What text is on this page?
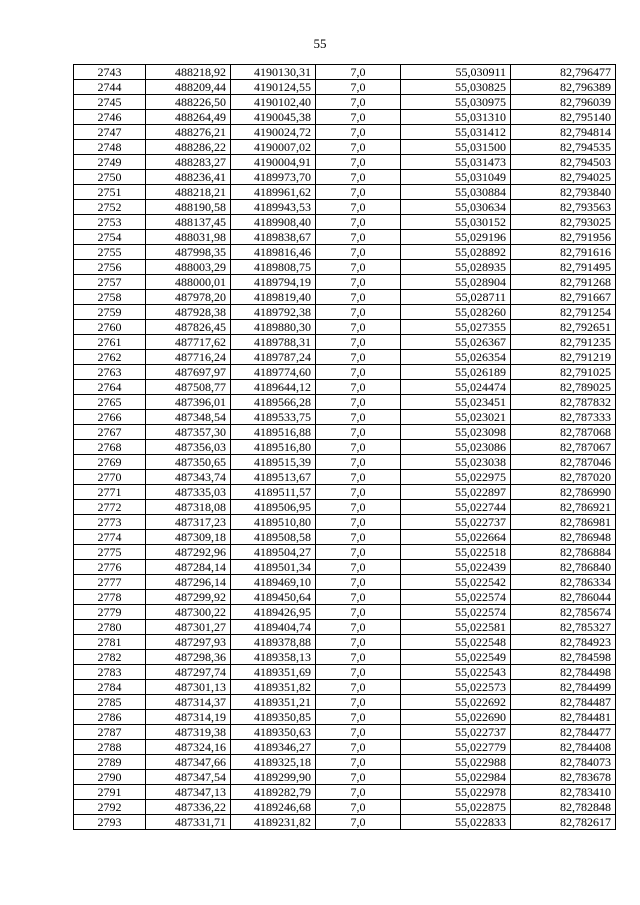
55
2743	488218,92	4190130,31	7,0	55,030911	82,796477
2744	488209,44	4190124,55	7,0	55,030825	82,796389
2745	488226,50	4190102,40	7,0	55,030975	82,796039
2746	488264,49	4190045,38	7,0	55,031310	82,795140
2747	488276,21	4190024,72	7,0	55,031412	82,794814
2748	488286,22	4190007,02	7,0	55,031500	82,794535
2749	488283,27	4190004,91	7,0	55,031473	82,794503
2750	488236,41	4189973,70	7,0	55,031049	82,794025
2751	488218,21	4189961,62	7,0	55,030884	82,793840
2752	488190,58	4189943,53	7,0	55,030634	82,793563
2753	488137,45	4189908,40	7,0	55,030152	82,793025
2754	488031,98	4189838,67	7,0	55,029196	82,791956
2755	487998,35	4189816,46	7,0	55,028892	82,791616
2756	488003,29	4189808,75	7,0	55,028935	82,791495
2757	488000,01	4189794,19	7,0	55,028904	82,791268
2758	487978,20	4189819,40	7,0	55,028711	82,791667
2759	487928,38	4189792,38	7,0	55,028260	82,791254
2760	487826,45	4189880,30	7,0	55,027355	82,792651
2761	487717,62	4189788,31	7,0	55,026367	82,791235
2762	487716,24	4189787,24	7,0	55,026354	82,791219
2763	487697,97	4189774,60	7,0	55,026189	82,791025
2764	487508,77	4189644,12	7,0	55,024474	82,789025
2765	487396,01	4189566,28	7,0	55,023451	82,787832
2766	487348,54	4189533,75	7,0	55,023021	82,787333
2767	487357,30	4189516,88	7,0	55,023098	82,787068
2768	487356,03	4189516,80	7,0	55,023086	82,787067
2769	487350,65	4189515,39	7,0	55,023038	82,787046
2770	487343,74	4189513,67	7,0	55,022975	82,787020
2771	487335,03	4189511,57	7,0	55,022897	82,786990
2772	487318,08	4189506,95	7,0	55,022744	82,786921
2773	487317,23	4189510,80	7,0	55,022737	82,786981
2774	487309,18	4189508,58	7,0	55,022664	82,786948
2775	487292,96	4189504,27	7,0	55,022518	82,786884
2776	487284,14	4189501,34	7,0	55,022439	82,786840
2777	487296,14	4189469,10	7,0	55,022542	82,786334
2778	487299,92	4189450,64	7,0	55,022574	82,786044
2779	487300,22	4189426,95	7,0	55,022574	82,785674
2780	487301,27	4189404,74	7,0	55,022581	82,785327
2781	487297,93	4189378,88	7,0	55,022548	82,784923
2782	487298,36	4189358,13	7,0	55,022549	82,784598
2783	487297,74	4189351,69	7,0	55,022543	82,784498
2784	487301,13	4189351,82	7,0	55,022573	82,784499
2785	487314,37	4189351,21	7,0	55,022692	82,784487
2786	487314,19	4189350,85	7,0	55,022690	82,784481
2787	487319,38	4189350,63	7,0	55,022737	82,784477
2788	487324,16	4189346,27	7,0	55,022779	82,784408
2789	487347,66	4189325,18	7,0	55,022988	82,784073
2790	487347,54	4189299,90	7,0	55,022984	82,783678
2791	487347,13	4189282,79	7,0	55,022978	82,783410
2792	487336,22	4189246,68	7,0	55,022875	82,782848
2793	487331,71	4189231,82	7,0	55,022833	82,782617
